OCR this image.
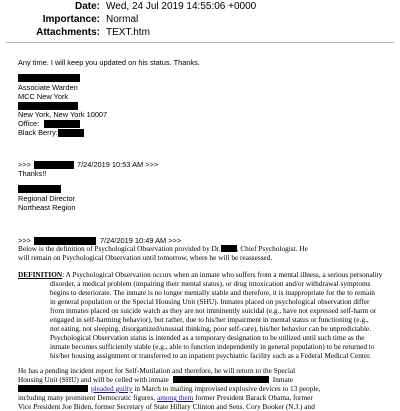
Date: Wed, 24 Jul 2019 14:55:06 +0000
Importance: Normal
Attachments: TEXT.htm
Any time. I will keep you updated on his status. Thanks.
Associate Warden
MCC New York
New York, New York 10007
Office:
Black Berry:
>>>	7/24/2019 10:53 AM >>>
Thanks!!
Regional Director
Northeast Region
>>>	7/24/2019 10:49 AM >>>
Below is the definition of Psychological Observation provided by Dr. , Chief Psychologist. He
will remain on Psychological Observation until tomorrow, where he will be reassessed.
DEFINITION: A Psychological Observation occurs when an inmate who suffers from a mental illness, a serious personality
disorder, a medical problem (impairing their mental status), or drug intoxication and/or withdrawal symptoms
begins to deteriorate. The inmate is no longer mentally stable and therefore, it is inappropriate for the to remain
in general population or the Special Housing Unit (SHU). Inmates placed on psychological observation differ
from inmates placed on suicide watch as they are not imminently suicidal (e.g., have not expressed self-harm or
engaged in self-harming behavior), but rather, due to his/her impairment in mental status or functioning (e.g.,
not eating, not sleeping, disorganized/unusual thinking, poor self-care), his/her behavior can be unpredictable.
Psychological Observation status is intended as a temporary designation to be utilized until such time as the
inmate becomes sufficiently stable (e.g., able to function independently in general population) to be returned to
his/her housing assignment or transferred to an inpatient psychiatric facility such as a Federal Medical Center.
He has a pending incident report for Self-Mutilation and therefore, he will return to the Special
Housing Unit (SHU) and will be celled with inmate	Inmate
pleaded guilty in March to mailing improvised explosive devices to 13 people,
including many prominent Democratic figures, among them former President Barack Obama, former
Vice President Joe Biden, former Secretary of State Hillary Clinton and Sens. Cory Booker (N.J.) and
